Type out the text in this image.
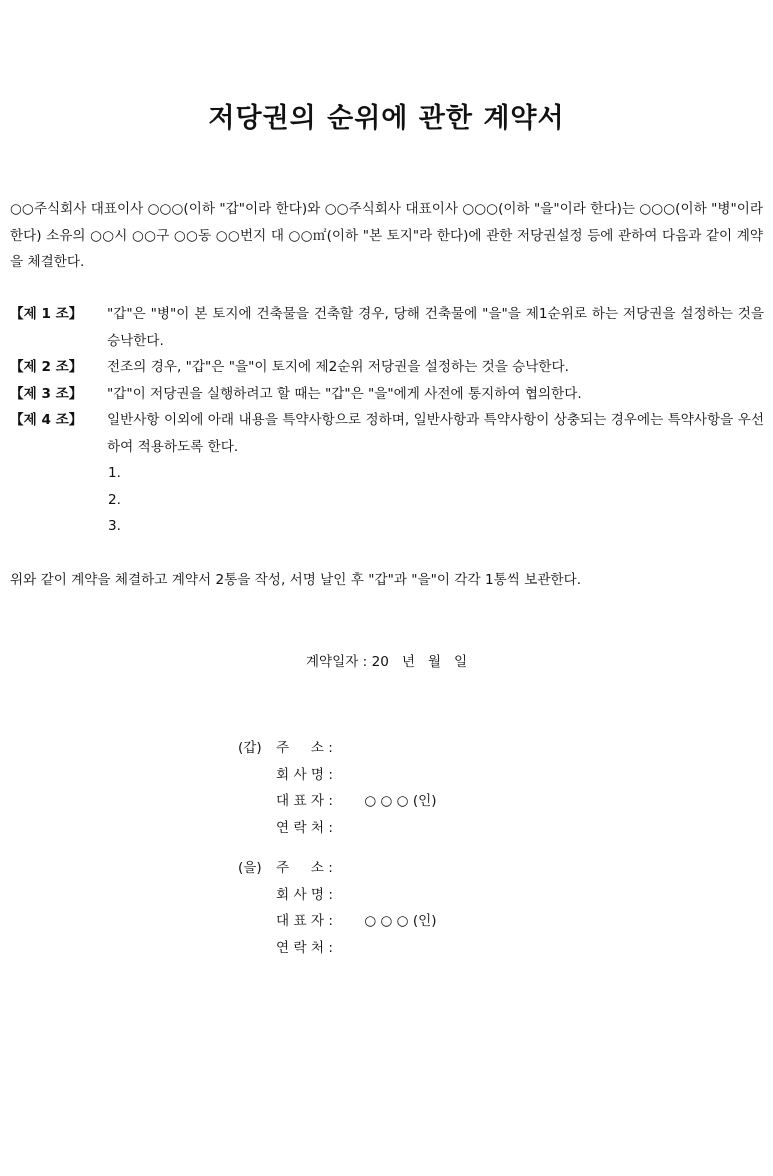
저당권의 순위에 관한 계약서

○○주식회사 대표이사 ○○○(이하 "갑"이라 한다)와 ○○주식회사 대표이사 ○○○(이하 "을"이라 한다)는 ○○○(이하 "병"이라 한다) 소유의 ○○시 ○○구 ○○동 ○○번지 대 ○○㎡(이하 "본 토지"라 한다)에 관한 저당권설정 등에 관하여 다음과 같이 계약을 체결한다.

【제 1 조】	"갑"은 "병"이 본 토지에 건축물을 건축할 경우, 당해 건축물에 "을"을 제1순위로 하는 저당권을 설정하는 것을 승낙한다.
【제 2 조】	전조의 경우, "갑"은 "을"이 토지에 제2순위 저당권을 설정하는 것을 승낙한다.
【제 3 조】	"갑"이 저당권을 실행하려고 할 때는 "갑"은 "을"에게 사전에 통지하여 협의한다.
【제 4 조】	일반사항 이외에 아래 내용을 특약사항으로 정하며, 일반사항과 특약사항이 상충되는 경우에는 특약사항을 우선하여 적용하도록 한다.
1.
2.
3.
위와 같이 계약을 체결하고 계약서 2통을 작성, 서명 날인 후 "갑"과 "을"이 각각 1통씩 보관한다.
계약일자 : 20   년   월   일
(갑)	주     소 :
회 사 명 :
대 표 자 :	○ ○ ○ (인)
연 락 처 :
(을)	주     소 :
회 사 명 :
대 표 자 :	○ ○ ○ (인)
연 락 처 :
